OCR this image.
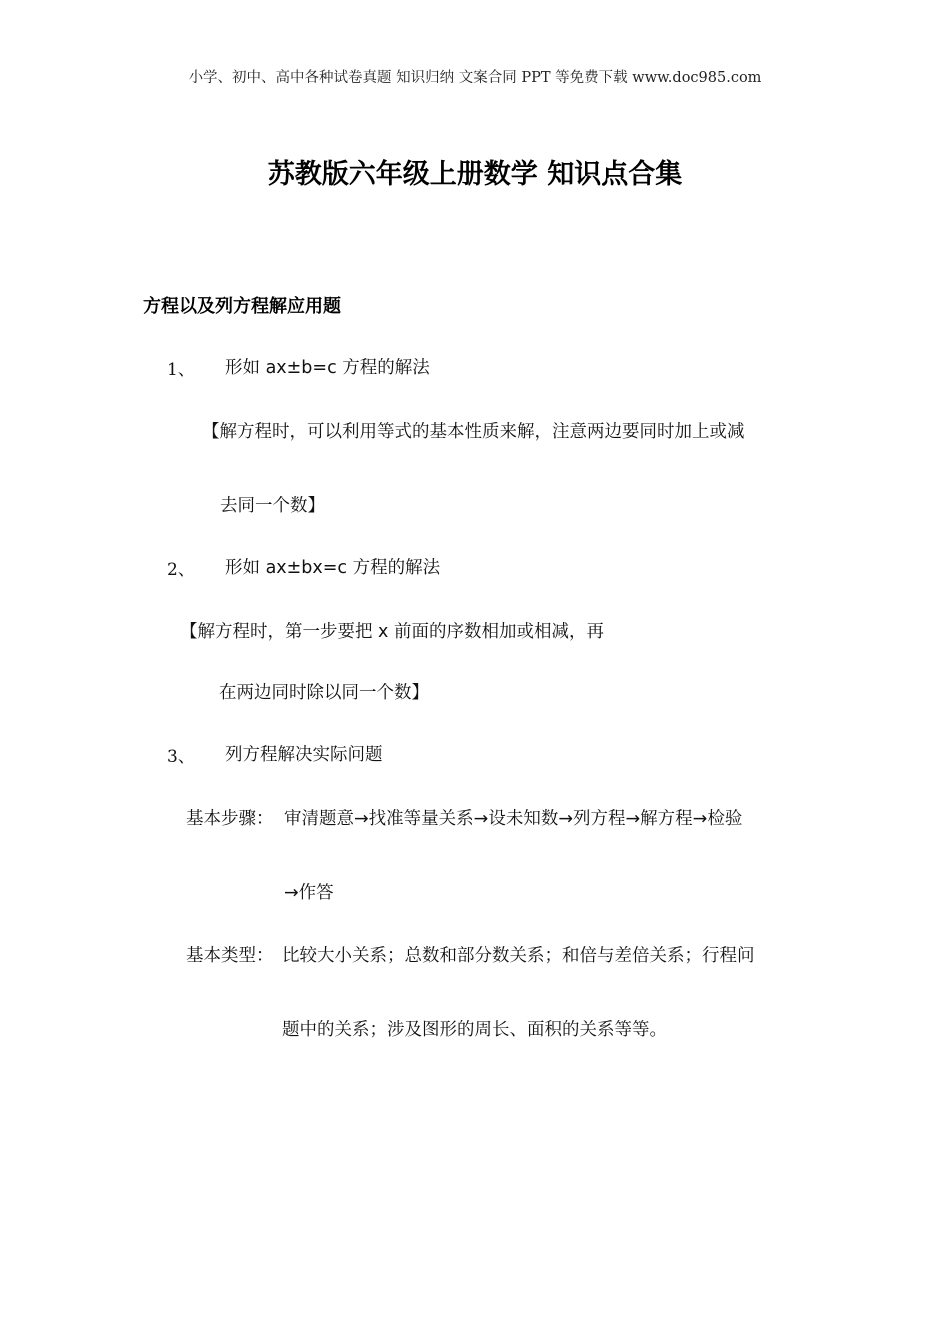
小学、初中、高中各种试卷真题 知识归纳 文案合同 PPT 等免费下载 www.doc985.com
苏教版六年级上册数学 知识点合集
方程以及列方程解应用题
1、 形如 ax±b=c 方程的解法
【解方程时，可以利用等式的基本性质来解，注意两边要同时加上或减
去同一个数】
2、 形如 ax±bx=c 方程的解法
【解方程时，第一步要把 x 前面的序数相加或相减，再
在两边同时除以同一个数】
3、 列方程解决实际问题
基本步骤： 审清题意→找准等量关系→设未知数→列方程→解方程→检验
→作答
基本类型： 比较大小关系；总数和部分数关系；和倍与差倍关系；行程问
题中的关系；涉及图形的周长、面积的关系等等。
